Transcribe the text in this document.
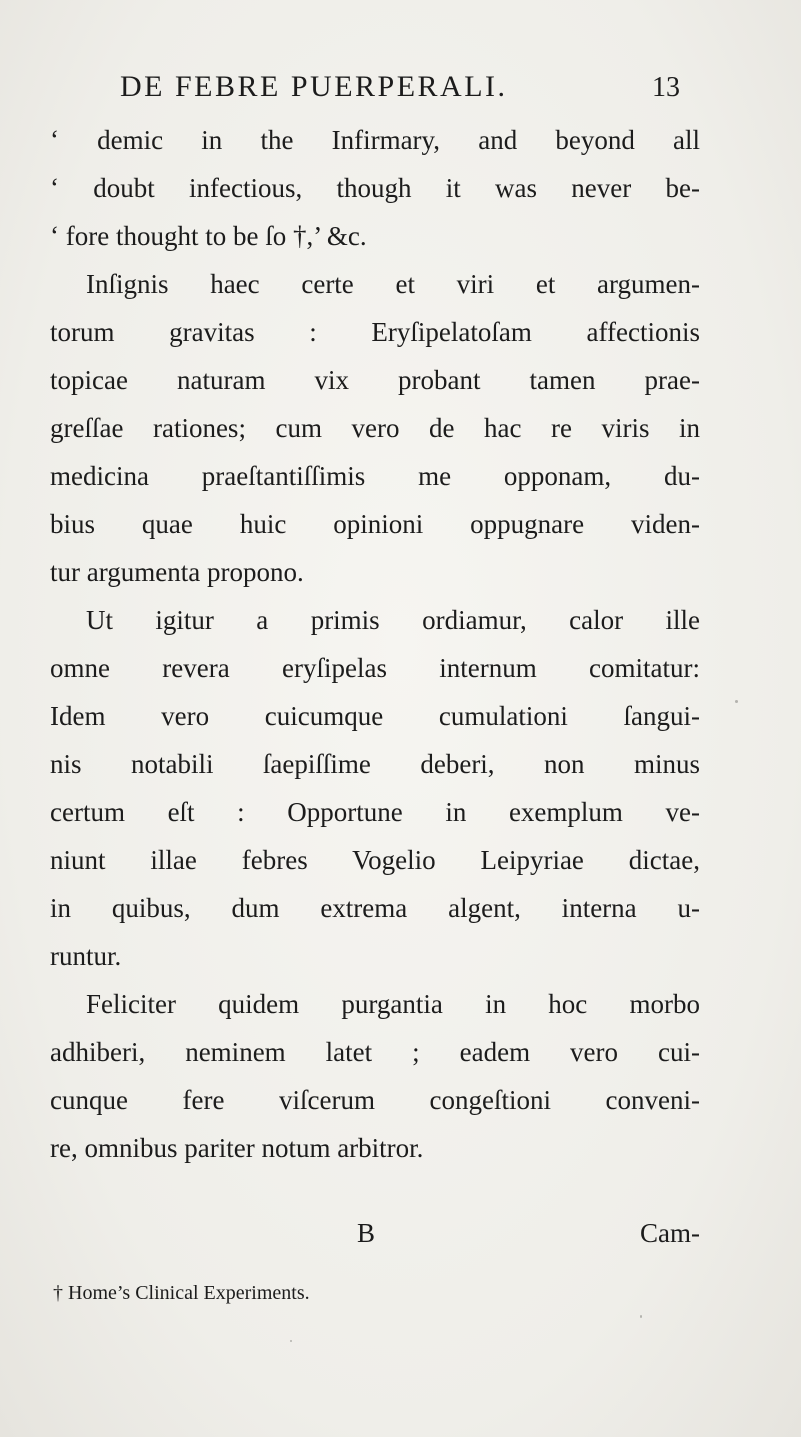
DE FEBRE PUERPERALI.	13
‘ demic in the Infirmary, and beyond all
‘ doubt infectious, though it was never be-
‘ fore thought to be ſo †,’ &c.
Inſignis haec certe et viri et argumen-
torum gravitas : Eryſipelatoſam affectionis
topicae naturam vix probant tamen prae-
greſſae rationes; cum vero de hac re viris in
medicina praeſtantiſſimis me opponam, du-
bius quae huic opinioni oppugnare viden-
tur argumenta propono.
Ut igitur a primis ordiamur, calor ille
omne revera eryſipelas internum comitatur:
Idem vero cuicumque cumulationi ſangui-
nis notabili ſaepiſſime deberi, non minus
certum eſt : Opportune in exemplum ve-
niunt illae febres Vogelio Leipyriae dictae,
in quibus, dum extrema algent, interna u-
runtur.
Feliciter quidem purgantia in hoc morbo
adhiberi, neminem latet ; eadem vero cui-
cunque fere viſcerum congeſtioni conveni-
re, omnibus pariter notum arbitror.
B	Cam-
† Home’s Clinical Experiments.
